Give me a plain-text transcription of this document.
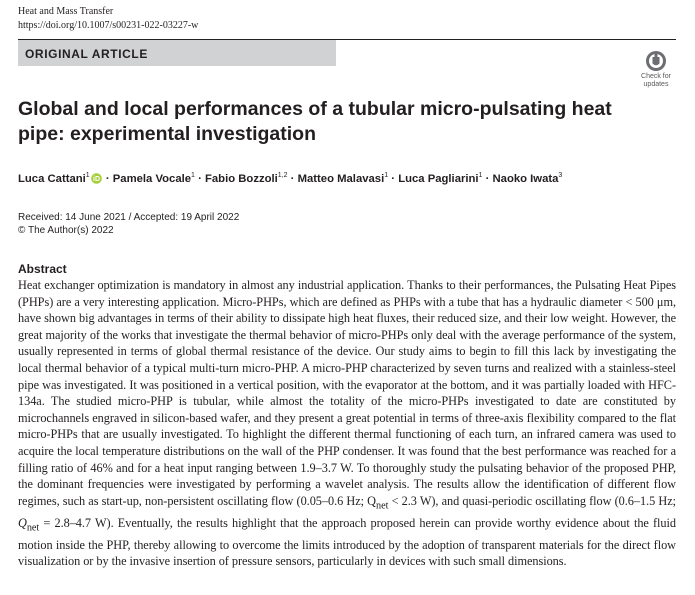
Heat and Mass Transfer
https://doi.org/10.1007/s00231-022-03227-w
ORIGINAL ARTICLE
Check for
updates
Global and local performances of a tubular micro-pulsating heat pipe: experimental investigation
Luca Cattani$^1$
iD · Pamela Vocale$^1$ · Fabio Bozzoli$^{1,2}$ · Matteo Malavasi$^1$ · Luca Pagliarini$^1$ · Naoko Iwata$^3$
Received: 14 June 2021 / Accepted: 19 April 2022
© The Author(s) 2022
Abstract

Heat exchanger optimization is mandatory in almost any industrial application. Thanks to their performances, the Pulsating Heat Pipes (PHPs) are a very interesting application. Micro-PHPs, which are defined as PHPs with a tube that has a hydraulic diameter < 500 μm, have shown big advantages in terms of their ability to dissipate high heat fluxes, their reduced size, and their low weight. However, the great majority of the works that investigate the thermal behavior of micro-PHPs only deal with the average performance of the system, usually represented in terms of global thermal resistance of the device. Our study aims to begin to fill this lack by investigating the local thermal behavior of a typical multi-turn micro-PHP. A micro-PHP characterized by seven turns and realized with a stainless-steel pipe was investigated. It was positioned in a vertical position, with the evaporator at the bottom, and it was partially loaded with HFC-134a. The studied micro-PHP is tubular, while almost the totality of the micro-PHPs investigated to date are constituted by microchannels engraved in silicon-based wafer, and they present a great potential in terms of three-axis flexibility compared to the flat micro-PHPs that are usually investigated. To highlight the different thermal functioning of each turn, an infrared camera was used to acquire the local temperature distributions on the wall of the PHP condenser. It was found that the best performance was reached for a filling ratio of 46% and for a heat input ranging between 1.9–3.7 W. To thoroughly study the pulsating behavior of the proposed PHP, the dominant frequencies were investigated by performing a wavelet analysis. The results allow the identification of different flow regimes, such as start-up, non-persistent oscillating flow (0.05–0.6 Hz; $Q_{net} < 2.3$ W), and quasi-periodic oscillating flow (0.6–1.5 Hz; $Q_{net} = 2.8-4.7$ W). Eventually, the results highlight that the approach proposed herein can provide worthy evidence about the fluid motion inside the PHP, thereby allowing to overcome the limits introduced by the adoption of transparent materials for the direct flow visualization or by the invasive insertion of pressure sensors, particularly in devices with such small dimensions.
